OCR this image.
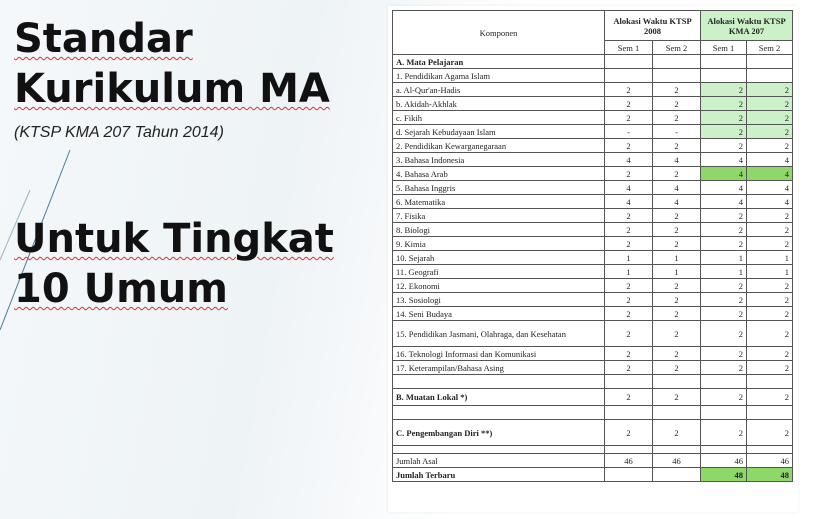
Standar
Kurikulum MA
(KTSP KMA 207 Tahun 2014)
Untuk Tingkat
10 Umum
Komponen	Alokasi Waktu KTSP 2008		Alokasi Waktu KTSP KMA 207	
	Sem 1	Sem 2	Sem 1	Sem 2
A. Mata Pelajaran				
1. Pendidikan Agama Islam				
a. Al-Qur'an-Hadis	2	2	2	2
b. Akidah-Akhlak	2	2	2	2
c. Fikih	2	2	2	2
d. Sejarah Kebudayaan Islam	-	-	2	2
2. Pendidikan Kewarganegaraan	2	2	2	2
3. Bahasa Indonesia	4	4	4	4
4. Bahasa Arab	2	2	4	4
5. Bahasa Inggris	4	4	4	4
6. Matematika	4	4	4	4
7. Fisika	2	2	2	2
8. Biologi	2	2	2	2
9. Kimia	2	2	2	2
10. Sejarah	1	1	1	1
11. Geografi	1	1	1	1
12. Ekonomi	2	2	2	2
13. Sosiologi	2	2	2	2
14. Seni Budaya	2	2	2	2
15. Pendidikan Jasmani, Olahraga, dan Kesehatan	2	2	2	2
16. Teknologi Informasi dan Komunikasi	2	2	2	2
17. Keterampilan/Bahasa Asing	2	2	2	2

B. Muatan Lokal *)	2	2	2	2

C. Pengembangan Diri **)	2	2	2	2

Jumlah Asal	46	46	46	46
Jumlah Terbaru			48	48
